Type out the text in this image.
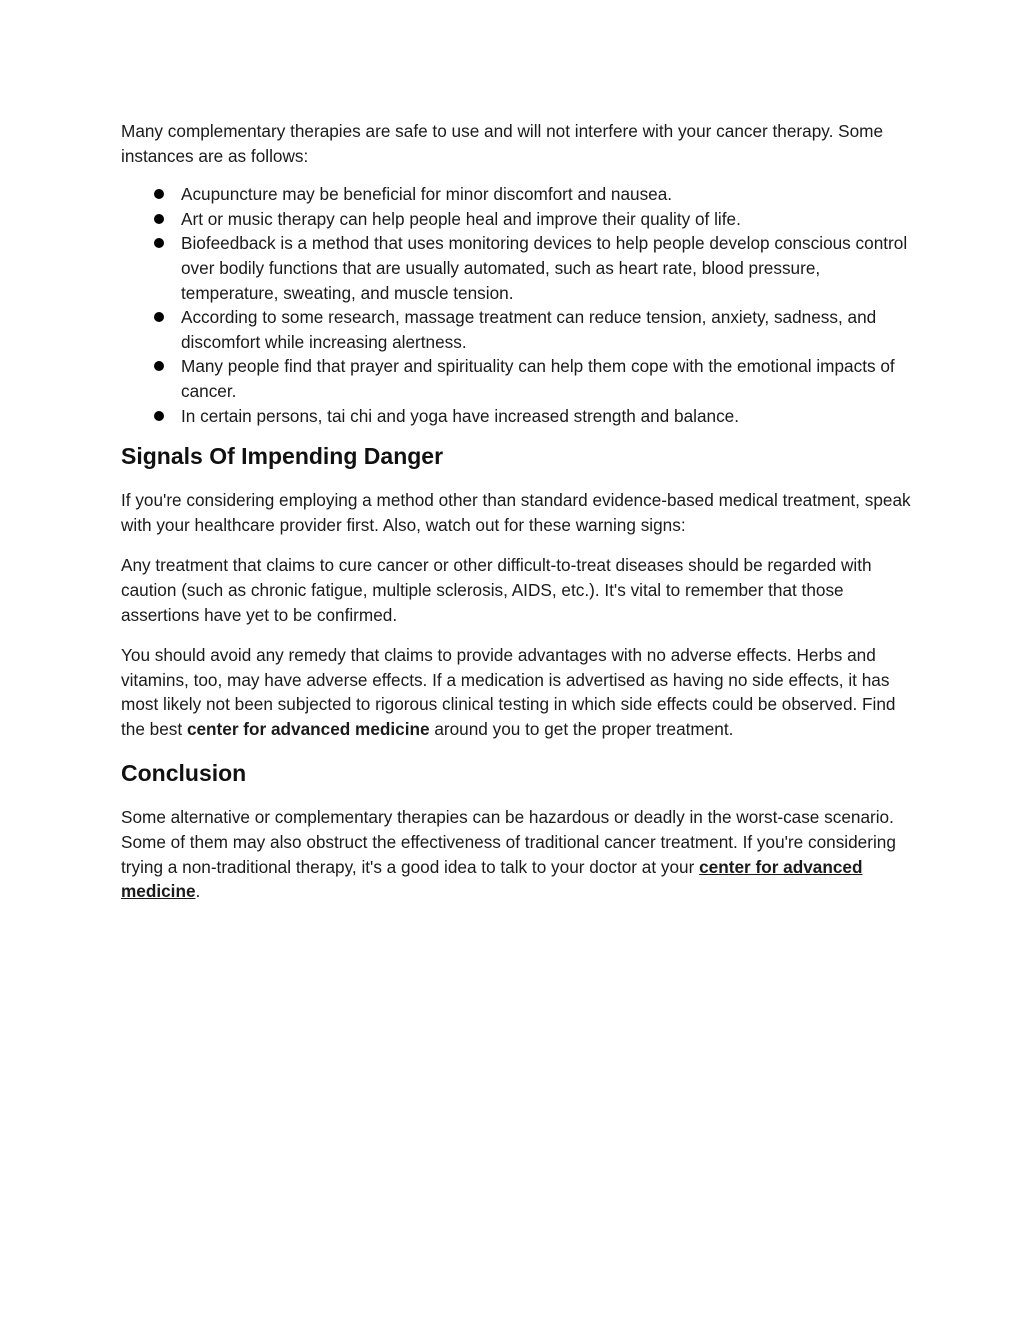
Many complementary therapies are safe to use and will not interfere with your cancer therapy. Some instances are as follows:

Acupuncture may be beneficial for minor discomfort and nausea.
Art or music therapy can help people heal and improve their quality of life.
Biofeedback is a method that uses monitoring devices to help people develop conscious control over bodily functions that are usually automated, such as heart rate, blood pressure, temperature, sweating, and muscle tension.
According to some research, massage treatment can reduce tension, anxiety, sadness, and discomfort while increasing alertness.
Many people find that prayer and spirituality can help them cope with the emotional impacts of cancer.
In certain persons, tai chi and yoga have increased strength and balance.
Signals Of Impending Danger

If you're considering employing a method other than standard evidence-based medical treatment, speak with your healthcare provider first. Also, watch out for these warning signs:

Any treatment that claims to cure cancer or other difficult-to-treat diseases should be regarded with caution (such as chronic fatigue, multiple sclerosis, AIDS, etc.). It's vital to remember that those assertions have yet to be confirmed.

You should avoid any remedy that claims to provide advantages with no adverse effects. Herbs and vitamins, too, may have adverse effects. If a medication is advertised as having no side effects, it has most likely not been subjected to rigorous clinical testing in which side effects could be observed. Find the best center for advanced medicine around you to get the proper treatment.

Conclusion

Some alternative or complementary therapies can be hazardous or deadly in the worst-case scenario. Some of them may also obstruct the effectiveness of traditional cancer treatment. If you're considering trying a non-traditional therapy, it's a good idea to talk to your doctor at your center for advanced medicine.
